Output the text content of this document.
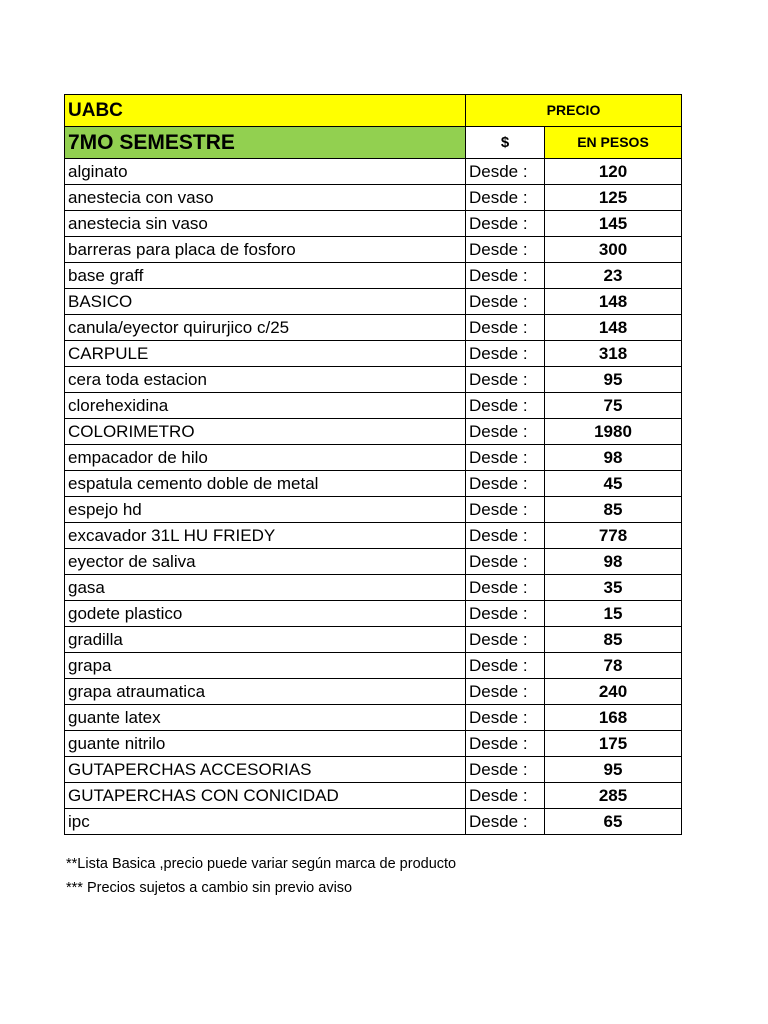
UABC	PRECIO	
7MO SEMESTRE	$	EN PESOS
alginato	Desde :	120
anestecia con vaso	Desde :	125
anestecia sin vaso	Desde :	145
barreras para placa de fosforo	Desde :	300
base graff	Desde :	23
BASICO	Desde :	148
canula/eyector quirurjico c/25	Desde :	148
CARPULE	Desde :	318
cera toda estacion	Desde :	95
clorehexidina	Desde :	75
COLORIMETRO	Desde :	1980
empacador de hilo	Desde :	98
espatula cemento doble de metal	Desde :	45
espejo hd	Desde :	85
excavador 31L HU FRIEDY	Desde :	778
eyector de saliva	Desde :	98
gasa	Desde :	35
godete plastico	Desde :	15
gradilla	Desde :	85
grapa	Desde :	78
grapa atraumatica	Desde :	240
guante latex	Desde :	168
guante nitrilo	Desde :	175
GUTAPERCHAS ACCESORIAS	Desde :	95
GUTAPERCHAS CON CONICIDAD	Desde :	285
ipc	Desde :	65
**Lista Basica ,precio puede variar según marca de producto
*** Precios sujetos a cambio sin previo aviso
